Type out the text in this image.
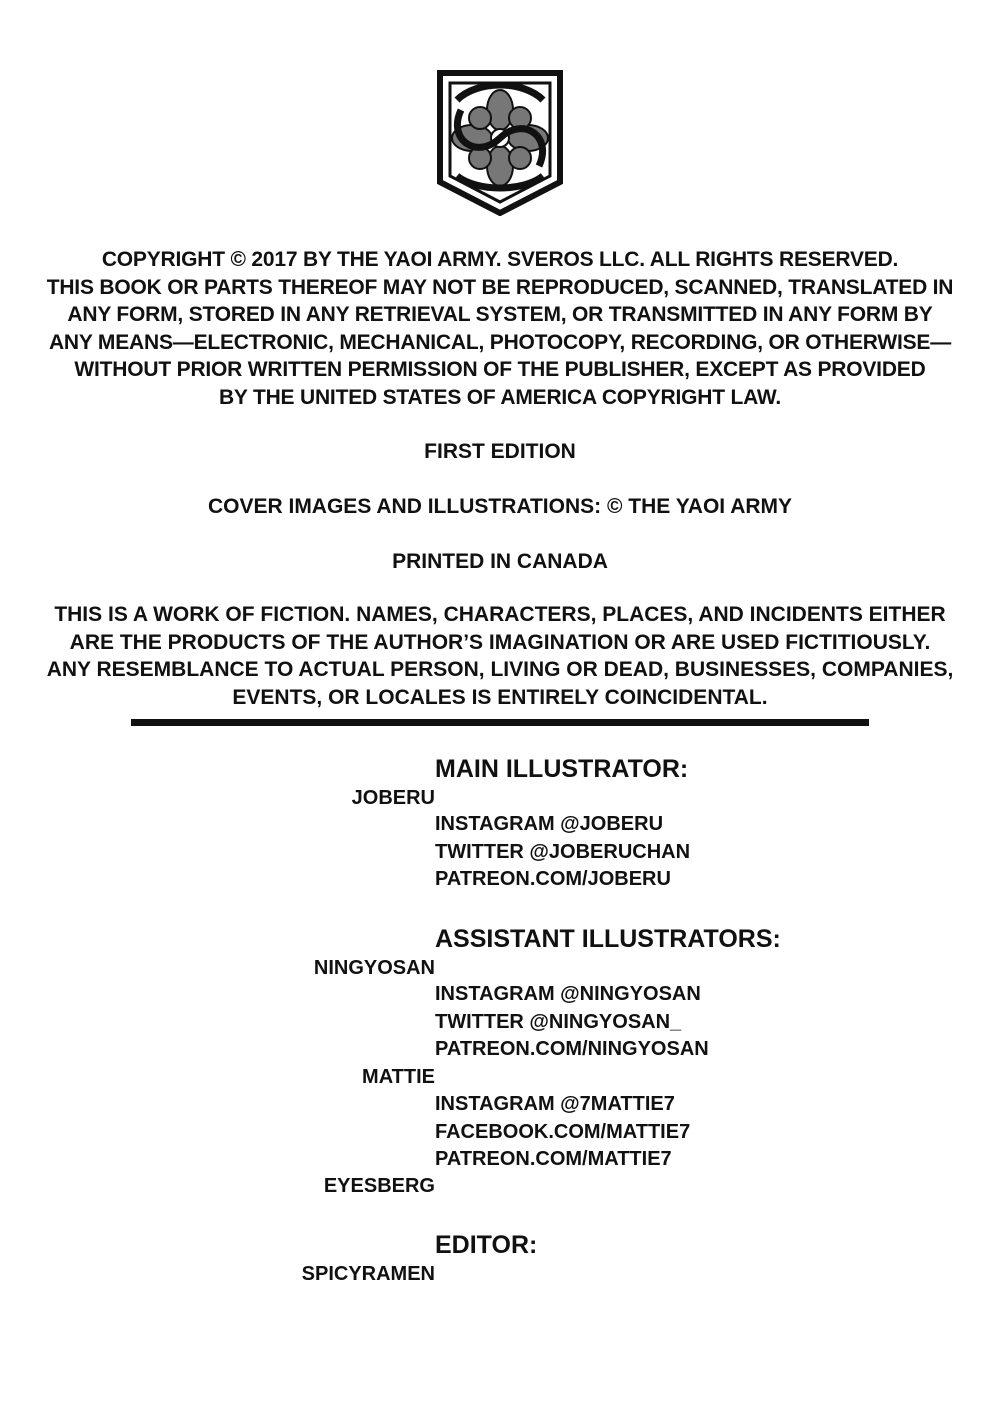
COPYRIGHT © 2017 BY THE YAOI ARMY. SVEROS LLC. ALL RIGHTS RESERVED.
THIS BOOK OR PARTS THEREOF MAY NOT BE REPRODUCED, SCANNED, TRANSLATED IN
ANY FORM, STORED IN ANY RETRIEVAL SYSTEM, OR TRANSMITTED IN ANY FORM BY
ANY MEANS—ELECTRONIC, MECHANICAL, PHOTOCOPY, RECORDING, OR OTHERWISE—
WITHOUT PRIOR WRITTEN PERMISSION OF THE PUBLISHER, EXCEPT AS PROVIDED
BY THE UNITED STATES OF AMERICA COPYRIGHT LAW.
FIRST EDITION
COVER IMAGES AND ILLUSTRATIONS: © THE YAOI ARMY
PRINTED IN CANADA
THIS IS A WORK OF FICTION. NAMES, CHARACTERS, PLACES, AND INCIDENTS EITHER
ARE THE PRODUCTS OF THE AUTHOR’S IMAGINATION OR ARE USED FICTITIOUSLY.
ANY RESEMBLANCE TO ACTUAL PERSON, LIVING OR DEAD, BUSINESSES, COMPANIES,
EVENTS, OR LOCALES IS ENTIRELY COINCIDENTAL.
MAIN ILLUSTRATOR:
JOBERU
INSTAGRAM @JOBERU
TWITTER @JOBERUCHAN
PATREON.COM/JOBERU
ASSISTANT ILLUSTRATORS:
NINGYOSAN
INSTAGRAM @NINGYOSAN
TWITTER @NINGYOSAN_
PATREON.COM/NINGYOSAN
MATTIE
INSTAGRAM @7MATTIE7
FACEBOOK.COM/MATTIE7
PATREON.COM/MATTIE7
EYESBERG
EDITOR:
SPICYRAMEN
